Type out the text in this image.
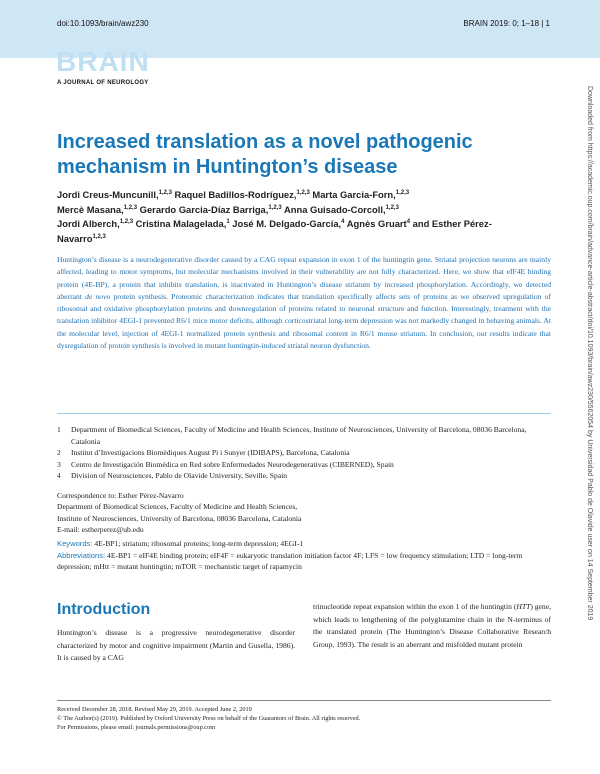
doi:10.1093/brain/awz230	BRAIN 2019: 0; 1–18 | 1
BRAIN
A JOURNAL OF NEUROLOGY
Downloaded from https://academic.oup.com/brain/advance-article-abstract/doi/10.1093/brain/awz230/5562054 by Universidad Pablo de Olavide user on 14 September 2019
Increased translation as a novel pathogenic mechanism in Huntington’s disease
Jordi Creus-Muncunill,$^{1,2,3}$ Raquel Badillos-Rodríguez,$^{1,2,3}$ Marta Garcia-Forn,$^{1,2,3}$
Mercè Masana,$^{1,2,3}$ Gerardo Garcia-Díaz Barriga,$^{1,2,3}$ Anna Guisado-Corcoll,$^{1,2,3}$
Jordi Alberch,$^{1,2,3}$ Cristina Malagelada,$^1$ José M. Delgado-García,$^4$ Agnès Gruart$^4$ and Esther Pérez-Navarro$^{1,2,3}$
Huntington’s disease is a neurodegenerative disorder caused by a CAG repeat expansion in exon 1 of the huntingtin gene. Striatal projection neurons are mainly affected, leading to motor symptoms, but molecular mechanisms involved in their vulnerability are not fully characterized. Here, we show that eIF4E binding protein (4E-BP), a protein that inhibits translation, is inactivated in Huntington’s disease striatum by increased phosphorylation. Accordingly, we detected aberrant de novo protein synthesis. Proteomic characterization indicates that translation specifically affects sets of proteins as we observed upregulation of ribosomal and oxidative phosphorylation proteins and downregulation of proteins related to neuronal structure and function. Interestingly, treatment with the translation inhibitor 4EGI-1 prevented R6/1 mice motor deficits, although corticostriatal long-term depression was not markedly changed in behaving animals. At the molecular level, injection of 4EGI-1 normalized protein synthesis and ribosomal content in R6/1 mouse striatum. In conclusion, our results indicate that dysregulation of protein synthesis is involved in mutant huntingtin-induced striatal neuron dysfunction.
1	Department of Biomedical Sciences, Faculty of Medicine and Health Sciences, Institute of Neurosciences, University of Barcelona, 08036 Barcelona, Catalonia
2	Institut d’Investigacions Biomèdiques August Pi i Sunyer (IDIBAPS), Barcelona, Catalonia
3	Centro de Investigación Biomédica en Red sobre Enfermedades Neurodegenerativas (CIBERNED), Spain
4	Division of Neurosciences, Pablo de Olavide University, Seville, Spain
Correspondence to: Esther Pérez-Navarro
Department of Biomedical Sciences, Faculty of Medicine and Health Sciences,
Institute of Neurosciences, University of Barcelona, 08036 Barcelona, Catalonia
E-mail: estherperez@ub.edu
Keywords: 4E-BP1; striatum; ribosomal proteins; long-term depression; 4EGI-1
Abbreviations: 4E-BP1 = eIF4E binding protein; eIF4F = eukaryotic translation initiation factor 4F; LFS = low frequency stimulation; LTD = long-term depression; mHtt = mutant huntingtin; mTOR = mechanistic target of rapamycin
Introduction
Huntington’s disease is a progressive neurodegenerative disorder characterized by motor and cognitive impairment (Martin and Gusella, 1986). It is caused by a CAG
trinucleotide repeat expansion within the exon 1 of the huntingtin (HTT) gene, which leads to lengthening of the polyglutamine chain in the N-terminus of the translated protein (The Huntington’s Disease Collaborative Research Group, 1993). The result is an aberrant and misfolded mutant protein
Received December 28, 2018. Revised May 29, 2019. Accepted June 2, 2019
© The Author(s) (2019). Published by Oxford University Press on behalf of the Guarantors of Brain. All rights reserved.
For Permissions, please email: journals.permissions@oup.com
